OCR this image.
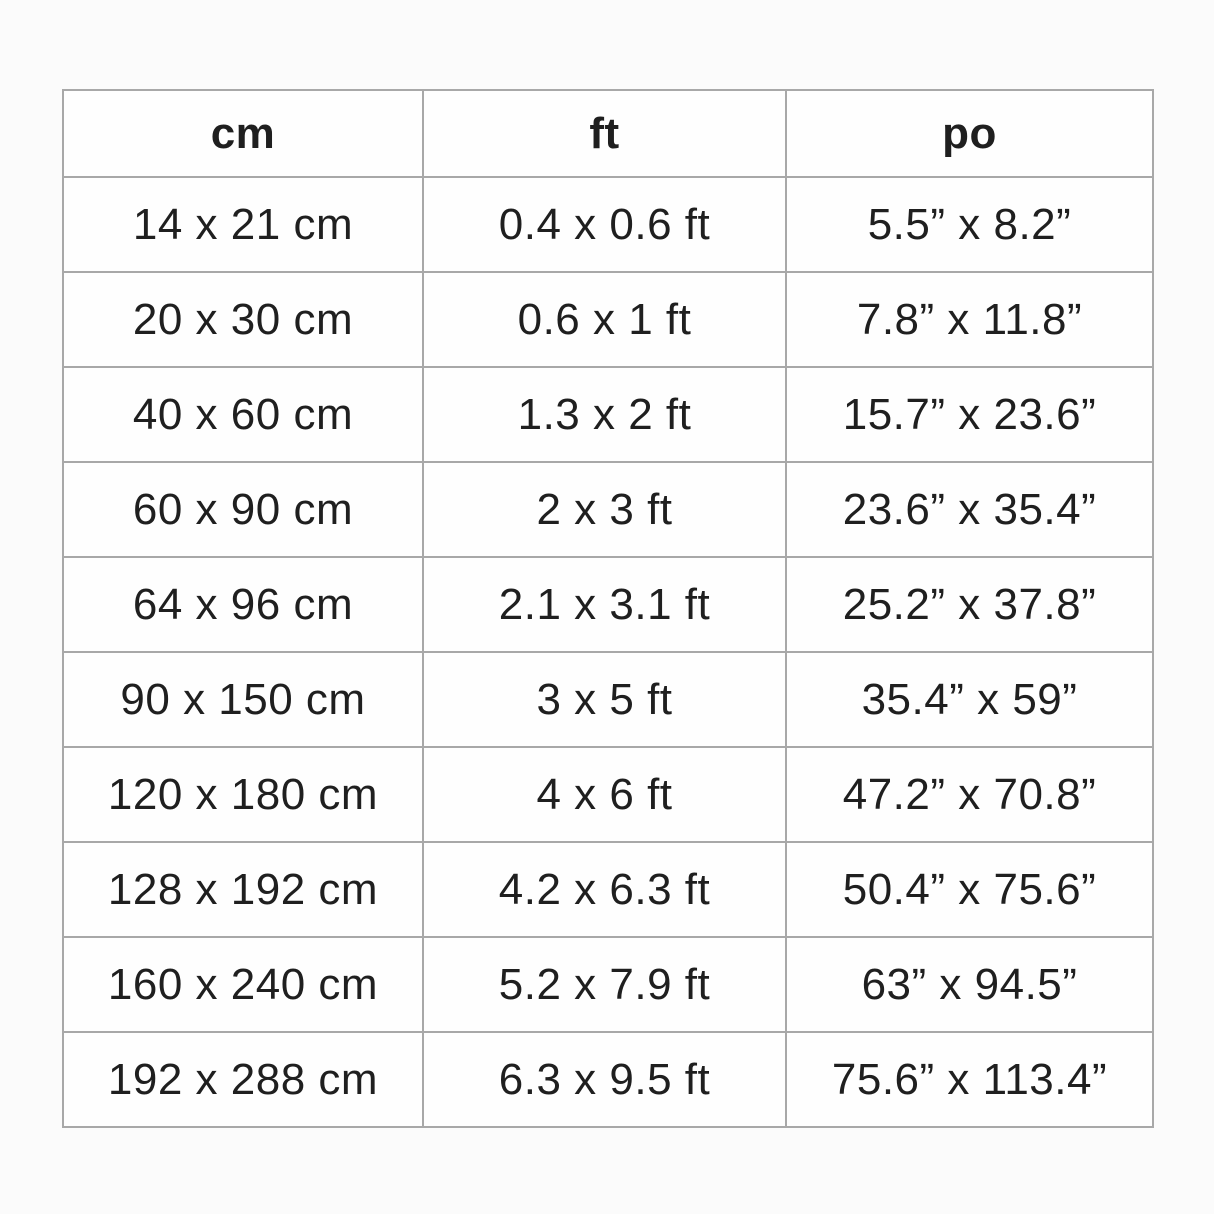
cm	ft	po
14 x 21 cm	0.4 x 0.6 ft	5.5” x 8.2”
20 x 30 cm	0.6 x 1 ft	7.8” x 11.8”
40 x 60 cm	1.3 x 2 ft	15.7” x 23.6”
60 x 90 cm	2 x 3 ft	23.6” x 35.4”
64 x 96 cm	2.1 x 3.1 ft	25.2” x 37.8”
90 x 150 cm	3 x 5 ft	35.4” x 59”
120 x 180 cm	4 x 6 ft	47.2” x 70.8”
128 x 192 cm	4.2 x 6.3 ft	50.4” x 75.6”
160 x 240 cm	5.2 x 7.9 ft	63” x 94.5”
192 x 288 cm	6.3 x 9.5 ft	75.6” x 113.4”
